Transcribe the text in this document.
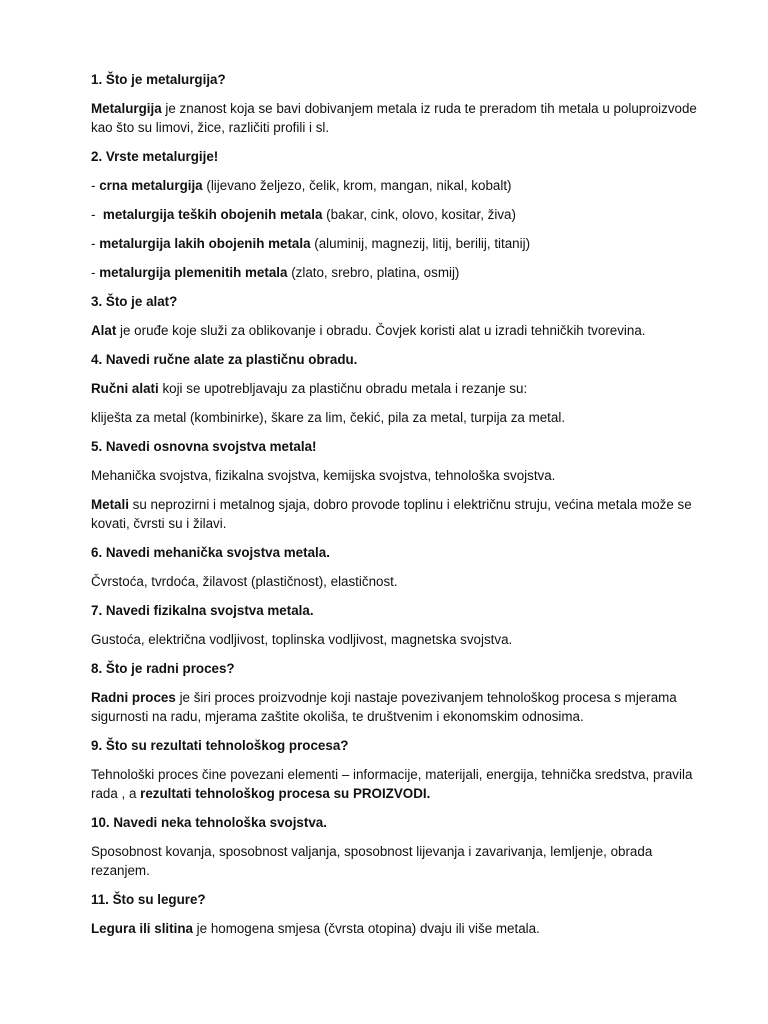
1. Što je metalurgija?
Metalurgija je znanost koja se bavi dobivanjem metala iz ruda te preradom tih metala u poluproizvode kao što su limovi, žice, različiti profili i sl.
2. Vrste metalurgije!
- crna metalurgija (lijevano željezo, čelik, krom, mangan, nikal, kobalt)
-  metalurgija teških obojenih metala (bakar, cink, olovo, kositar, živa)
- metalurgija lakih obojenih metala (aluminij, magnezij, litij, berilij, titanij)
- metalurgija plemenitih metala (zlato, srebro, platina, osmij)
3. Što je alat?
Alat je oruđe koje služi za oblikovanje i obradu. Čovjek koristi alat u izradi tehničkih tvorevina.
4. Navedi ručne alate za plastičnu obradu.
Ručni alati koji se upotrebljavaju za plastičnu obradu metala i rezanje su:
kliješta za metal (kombinirke), škare za lim, čekić, pila za metal, turpija za metal.
5. Navedi osnovna svojstva metala!
Mehanička svojstva, fizikalna svojstva, kemijska svojstva, tehnološka svojstva.
Metali su neprozirni i metalnog sjaja, dobro provode toplinu i električnu struju, većina metala može se kovati, čvrsti su i žilavi.
6. Navedi mehanička svojstva metala.
Čvrstoća, tvrdoća, žilavost (plastičnost), elastičnost.
7. Navedi fizikalna svojstva metala.
Gustoća, električna vodljivost, toplinska vodljivost, magnetska svojstva.
8. Što je radni proces?
Radni proces je širi proces proizvodnje koji nastaje povezivanjem tehnološkog procesa s mjerama sigurnosti na radu, mjerama zaštite okoliša, te društvenim i ekonomskim odnosima.
9. Što su rezultati tehnološkog procesa?
Tehnološki proces čine povezani elementi – informacije, materijali, energija, tehnička sredstva, pravila rada , a rezultati tehnološkog procesa su PROIZVODI.
10. Navedi neka tehnološka svojstva.
Sposobnost kovanja, sposobnost valjanja, sposobnost lijevanja i zavarivanja, lemljenje, obrada rezanjem.
11. Što su legure?
Legura ili slitina je homogena smjesa (čvrsta otopina) dvaju ili više metala.
